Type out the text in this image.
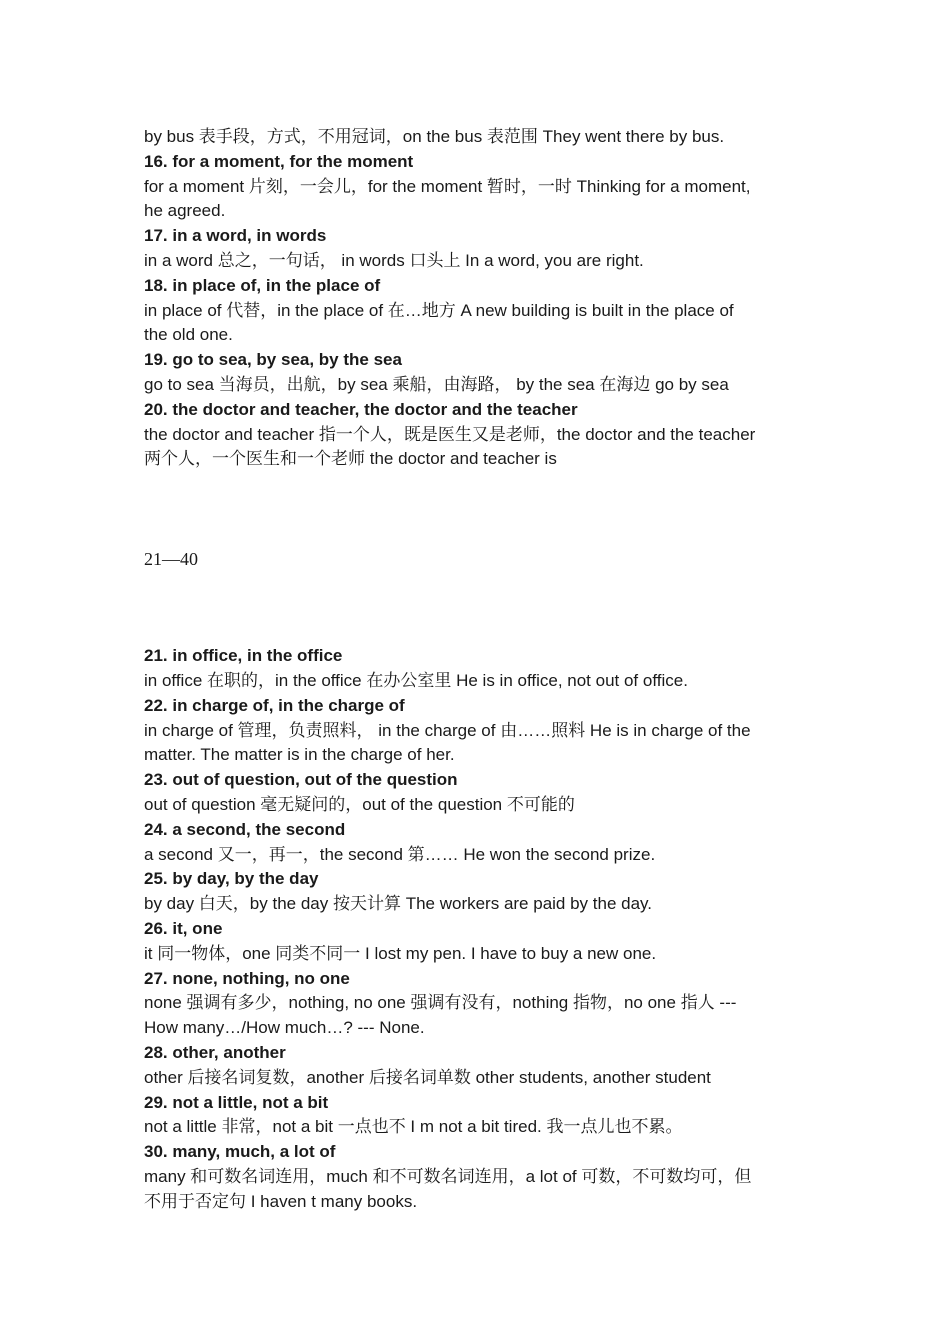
by bus 表手段，方式，不用冠词，on the bus 表范围 They went there by bus.
16. for a moment, for the moment
for a moment 片刻，一会儿，for the moment 暂时，一时 Thinking for a moment,
he agreed.
17. in a word, in words
in a word 总之，一句话， in words 口头上 In a word, you are right.
18. in place of, in the place of
in place of 代替，in the place of 在…地方 A new building is built in the place of
the old one.
19. go to sea, by sea, by the sea
go to sea 当海员，出航，by sea 乘船，由海路， by the sea 在海边 go by sea
20. the doctor and teacher, the doctor and the teacher
the doctor and teacher 指一个人，既是医生又是老师，the doctor and the teacher
两个人，一个医生和一个老师 the doctor and teacher is
21—40
21. in office, in the office
in office 在职的，in the office 在办公室里 He is in office, not out of office.
22. in charge of, in the charge of
in charge of 管理，负责照料， in the charge of 由……照料 He is in charge of the
matter. The matter is in the charge of her.
23. out of question, out of the question
out of question 毫无疑问的，out of the question 不可能的
24. a second, the second
a second 又一，再一，the second 第…… He won the second prize.
25. by day, by the day
by day 白天，by the day 按天计算 The workers are paid by the day.
26. it, one
it 同一物体，one 同类不同一 I lost my pen. I have to buy a new one.
27. none, nothing, no one
none 强调有多少，nothing, no one 强调有没有，nothing 指物，no one 指人 ---
How many…/How much…? --- None.
28. other, another
other 后接名词复数，another 后接名词单数 other students, another student
29. not a little, not a bit
not a little 非常，not a bit 一点也不 I m not a bit tired. 我一点儿也不累。
30. many, much, a lot of
many 和可数名词连用，much 和不可数名词连用，a lot of 可数，不可数均可，但
不用于否定句 I haven t many books.
